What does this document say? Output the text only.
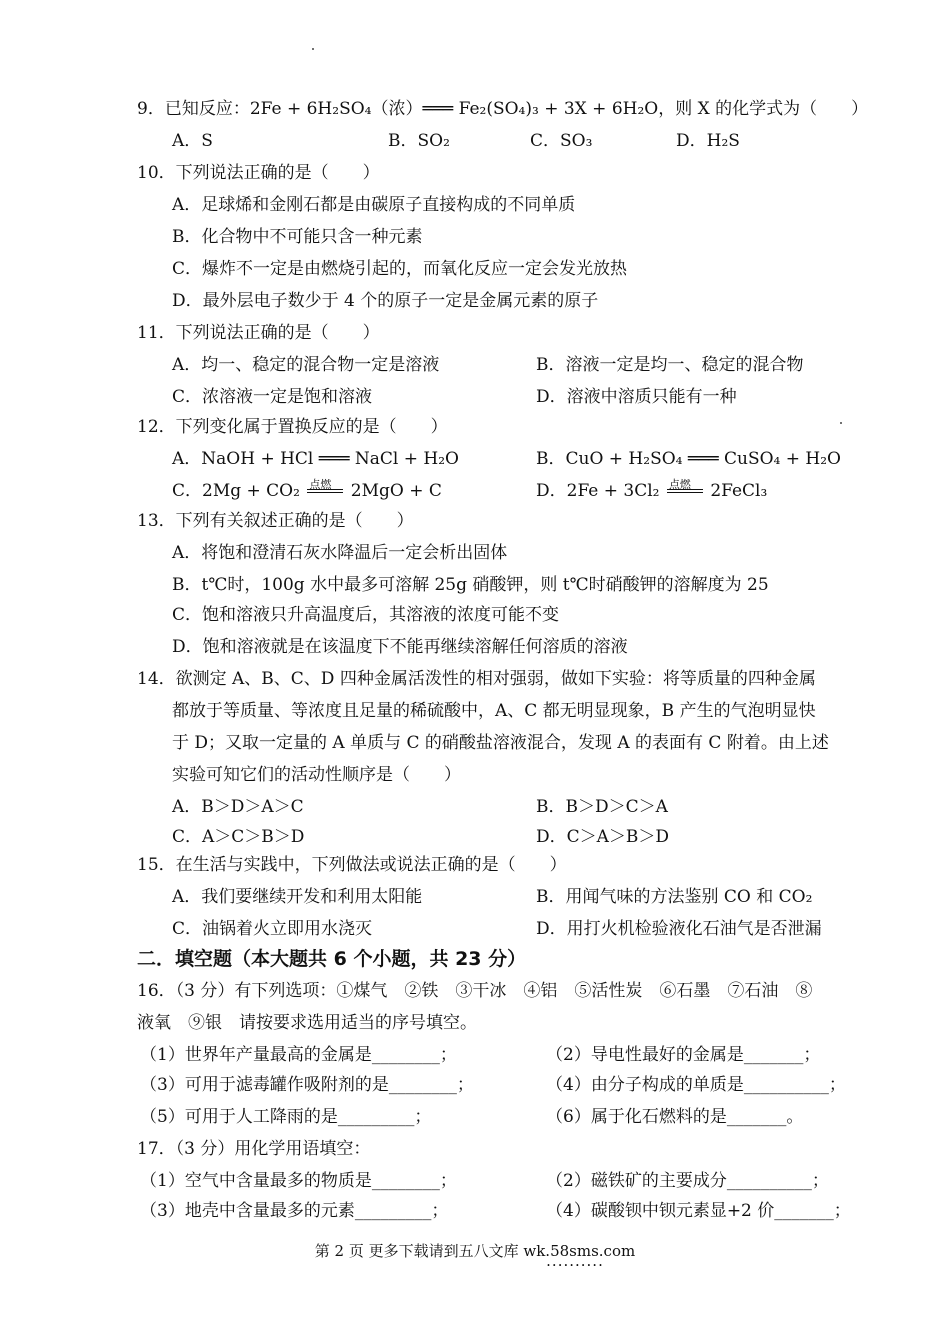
9．已知反应：2Fe + 6H₂SO₄（浓）═══ Fe₂(SO₄)₃ + 3X + 6H₂O，则 X 的化学式为（　　）
A．S	B．SO₂	C．SO₃	D．H₂S
10．下列说法正确的是（　　）
A．足球烯和金刚石都是由碳原子直接构成的不同单质
B．化合物中不可能只含一种元素
C．爆炸不一定是由燃烧引起的，而氧化反应一定会发光放热
D．最外层电子数少于 4 个的原子一定是金属元素的原子
11．下列说法正确的是（　　）
A．均一、稳定的混合物一定是溶液	B．溶液一定是均一、稳定的混合物
C．浓溶液一定是饱和溶液	D．溶液中溶质只能有一种
12．下列变化属于置换反应的是（　　）
A．NaOH + HCl ═══ NaCl + H₂O	B．CuO + H₂SO₄ ═══ CuSO₄ + H₂O
C．2Mg + CO₂ 点燃 2MgO + C	D．2Fe + 3Cl₂ 点燃 2FeCl₃
13．下列有关叙述正确的是（　　）
A．将饱和澄清石灰水降温后一定会析出固体
B．t℃时，100g 水中最多可溶解 25g 硝酸钾，则 t℃时硝酸钾的溶解度为 25
C．饱和溶液只升高温度后，其溶液的浓度可能不变
D．饱和溶液就是在该温度下不能再继续溶解任何溶质的溶液
14．欲测定 A、B、C、D 四种金属活泼性的相对强弱，做如下实验：将等质量的四种金属
都放于等质量、等浓度且足量的稀硫酸中，A、C 都无明显现象，B 产生的气泡明显快
于 D；又取一定量的 A 单质与 C 的硝酸盐溶液混合，发现 A 的表面有 C 附着。由上述
实验可知它们的活动性顺序是（　　）
A．B＞D＞A＞C	B．B＞D＞C＞A
C．A＞C＞B＞D	D．C＞A＞B＞D
15．在生活与实践中，下列做法或说法正确的是（　　）
A．我们要继续开发和利用太阳能	B．用闻气味的方法鉴别 CO 和 CO₂
C．油锅着火立即用水浇灭	D．用打火机检验液化石油气是否泄漏
二．填空题（本大题共 6 个小题，共 23 分）
16．（3 分）有下列选项：①煤气　②铁　③干冰　④铝　⑤活性炭　⑥石墨　⑦石油　⑧
液氧　⑨银　请按要求选用适当的序号填空。
（1）世界年产量最高的金属是________；	（2）导电性最好的金属是_______；
（3）可用于滤毒罐作吸附剂的是________；	（4）由分子构成的单质是__________；
（5）可用于人工降雨的是_________；	（6）属于化石燃料的是_______。
17．（3 分）用化学用语填空：
（1）空气中含量最多的物质是________；	（2）磁铁矿的主要成分__________；
（3）地壳中含量最多的元素_________；	（4）碳酸钡中钡元素显+2 价_______；
第 2 页 更多下载请到五八文库 wk.58sms.com
··········
